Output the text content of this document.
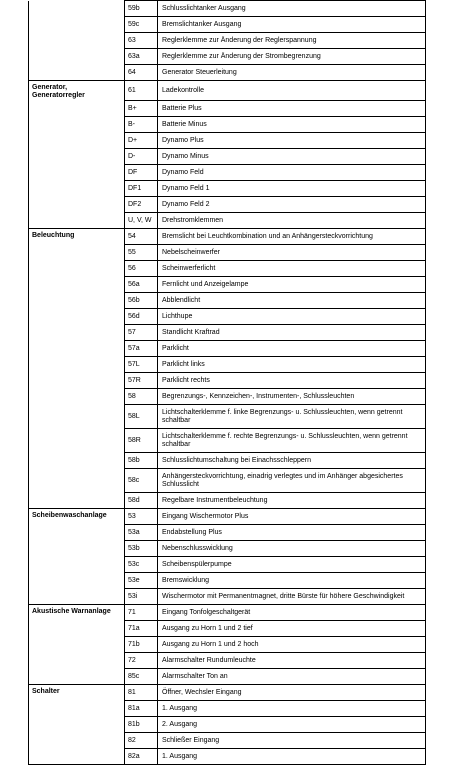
	59b	Schlusslichtanker Ausgang
	59c	Bremslichtanker Ausgang
	63	Reglerklemme zur Änderung der Reglerspannung
	63a	Reglerklemme zur Änderung der Strombegrenzung
	64	Generator Steuerleitung
Generator, Generatorregler	61	Ladekontrolle
	B+	Batterie Plus
	B-	Batterie Minus
	D+	Dynamo Plus
	D-	Dynamo Minus
	DF	Dynamo Feld
	DF1	Dynamo Feld 1
	DF2	Dynamo Feld 2
	U, V, W	Drehstromklemmen
Beleuchtung	54	Bremslicht bei Leuchtkombination und an Anhängersteckvorrichtung
	55	Nebelscheinwerfer
	56	Scheinwerferlicht
	56a	Fernlicht und Anzeigelampe
	56b	Abblendlicht
	56d	Lichthupe
	57	Standlicht Kraftrad
	57a	Parklicht
	57L	Parklicht links
	57R	Parklicht rechts
	58	Begrenzungs-, Kennzeichen-, Instrumenten-, Schlussleuchten
	58L	Lichtschalterklemme f. linke Begrenzungs- u. Schlussleuchten, wenn getrennt schaltbar
	58R	Lichtschalterklemme f. rechte Begrenzungs- u. Schlussleuchten, wenn getrennt schaltbar
	58b	Schlusslichtumschaltung bei Einachsschleppern
	58c	Anhängersteckvorrichtung, einadrig verlegtes und im Anhänger abgesichertes Schlusslicht
	58d	Regelbare Instrumentbeleuchtung
Scheibenwaschanlage	53	Eingang Wischermotor Plus
	53a	Endabstellung Plus
	53b	Nebenschlusswicklung
	53c	Scheibenspülerpumpe
	53e	Bremswicklung
	53i	Wischermotor mit Permanentmagnet, dritte Bürste für höhere Geschwindigkeit
Akustische Warnanlage	71	Eingang Tonfolgeschaltgerät
	71a	Ausgang zu Horn 1 und 2 tief
	71b	Ausgang zu Horn 1 und 2 hoch
	72	Alarmschalter Rundumleuchte
	85c	Alarmschalter Ton an
Schalter	81	Öffner, Wechsler Eingang
	81a	1. Ausgang
	81b	2. Ausgang
	82	Schließer Eingang
	82a	1. Ausgang
